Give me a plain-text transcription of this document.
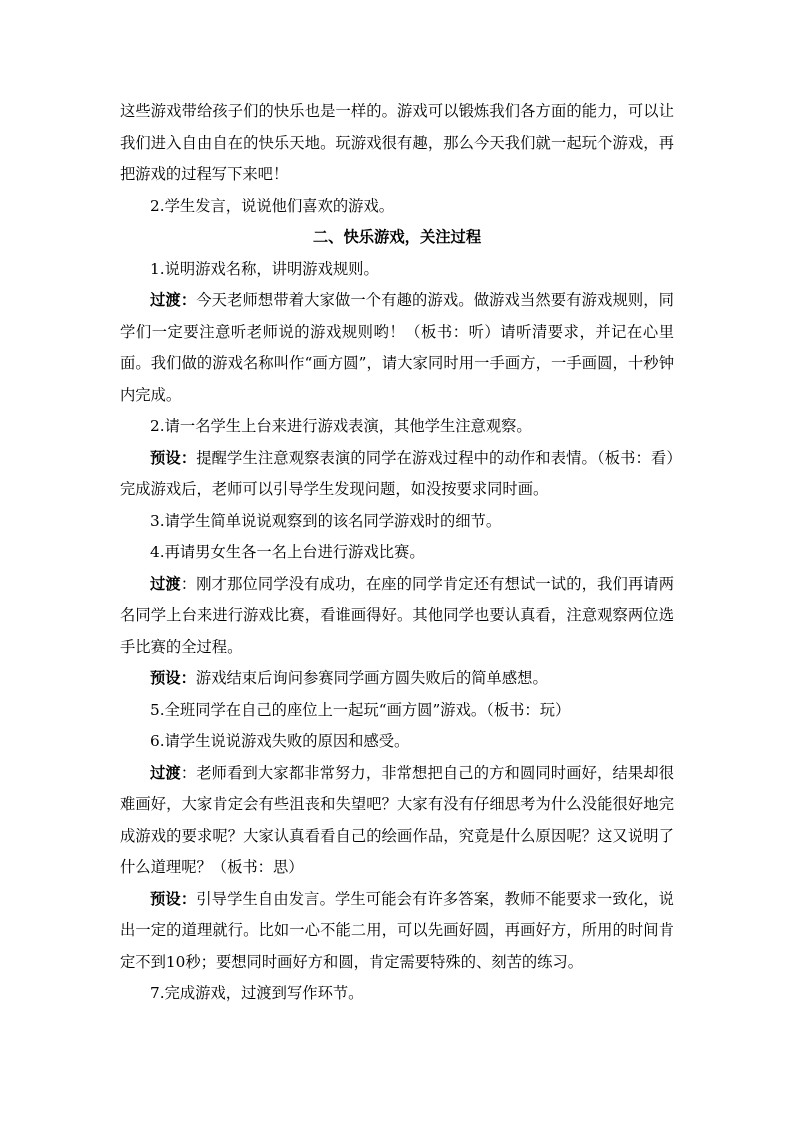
这些游戏带给孩子们的快乐也是一样的。游戏可以锻炼我们各方面的能力，可以让我们进入自由自在的快乐天地。玩游戏很有趣，那么今天我们就一起玩个游戏，再把游戏的过程写下来吧！

2.学生发言，说说他们喜欢的游戏。

二、快乐游戏，关注过程

1.说明游戏名称，讲明游戏规则。

过渡：今天老师想带着大家做一个有趣的游戏。做游戏当然要有游戏规则，同学们一定要注意听老师说的游戏规则哟！（板书：听）请听清要求，并记在心里面。我们做的游戏名称叫作“画方圆”，请大家同时用一手画方，一手画圆，十秒钟内完成。

2.请一名学生上台来进行游戏表演，其他学生注意观察。

预设：提醒学生注意观察表演的同学在游戏过程中的动作和表情。（板书：看）完成游戏后，老师可以引导学生发现问题，如没按要求同时画。

3.请学生简单说说观察到的该名同学游戏时的细节。

4.再请男女生各一名上台进行游戏比赛。

过渡：刚才那位同学没有成功，在座的同学肯定还有想试一试的，我们再请两名同学上台来进行游戏比赛，看谁画得好。其他同学也要认真看，注意观察两位选手比赛的全过程。

预设：游戏结束后询问参赛同学画方圆失败后的简单感想。

5.全班同学在自己的座位上一起玩“画方圆”游戏。（板书：玩）

6.请学生说说游戏失败的原因和感受。

过渡：老师看到大家都非常努力，非常想把自己的方和圆同时画好，结果却很难画好，大家肯定会有些沮丧和失望吧？大家有没有仔细思考为什么没能很好地完成游戏的要求呢？大家认真看看自己的绘画作品，究竟是什么原因呢？这又说明了什么道理呢？（板书：思）

预设：引导学生自由发言。学生可能会有许多答案，教师不能要求一致化，说出一定的道理就行。比如一心不能二用，可以先画好圆，再画好方，所用的时间肯定不到10秒；要想同时画好方和圆，肯定需要特殊的、刻苦的练习。

7.完成游戏，过渡到写作环节。
